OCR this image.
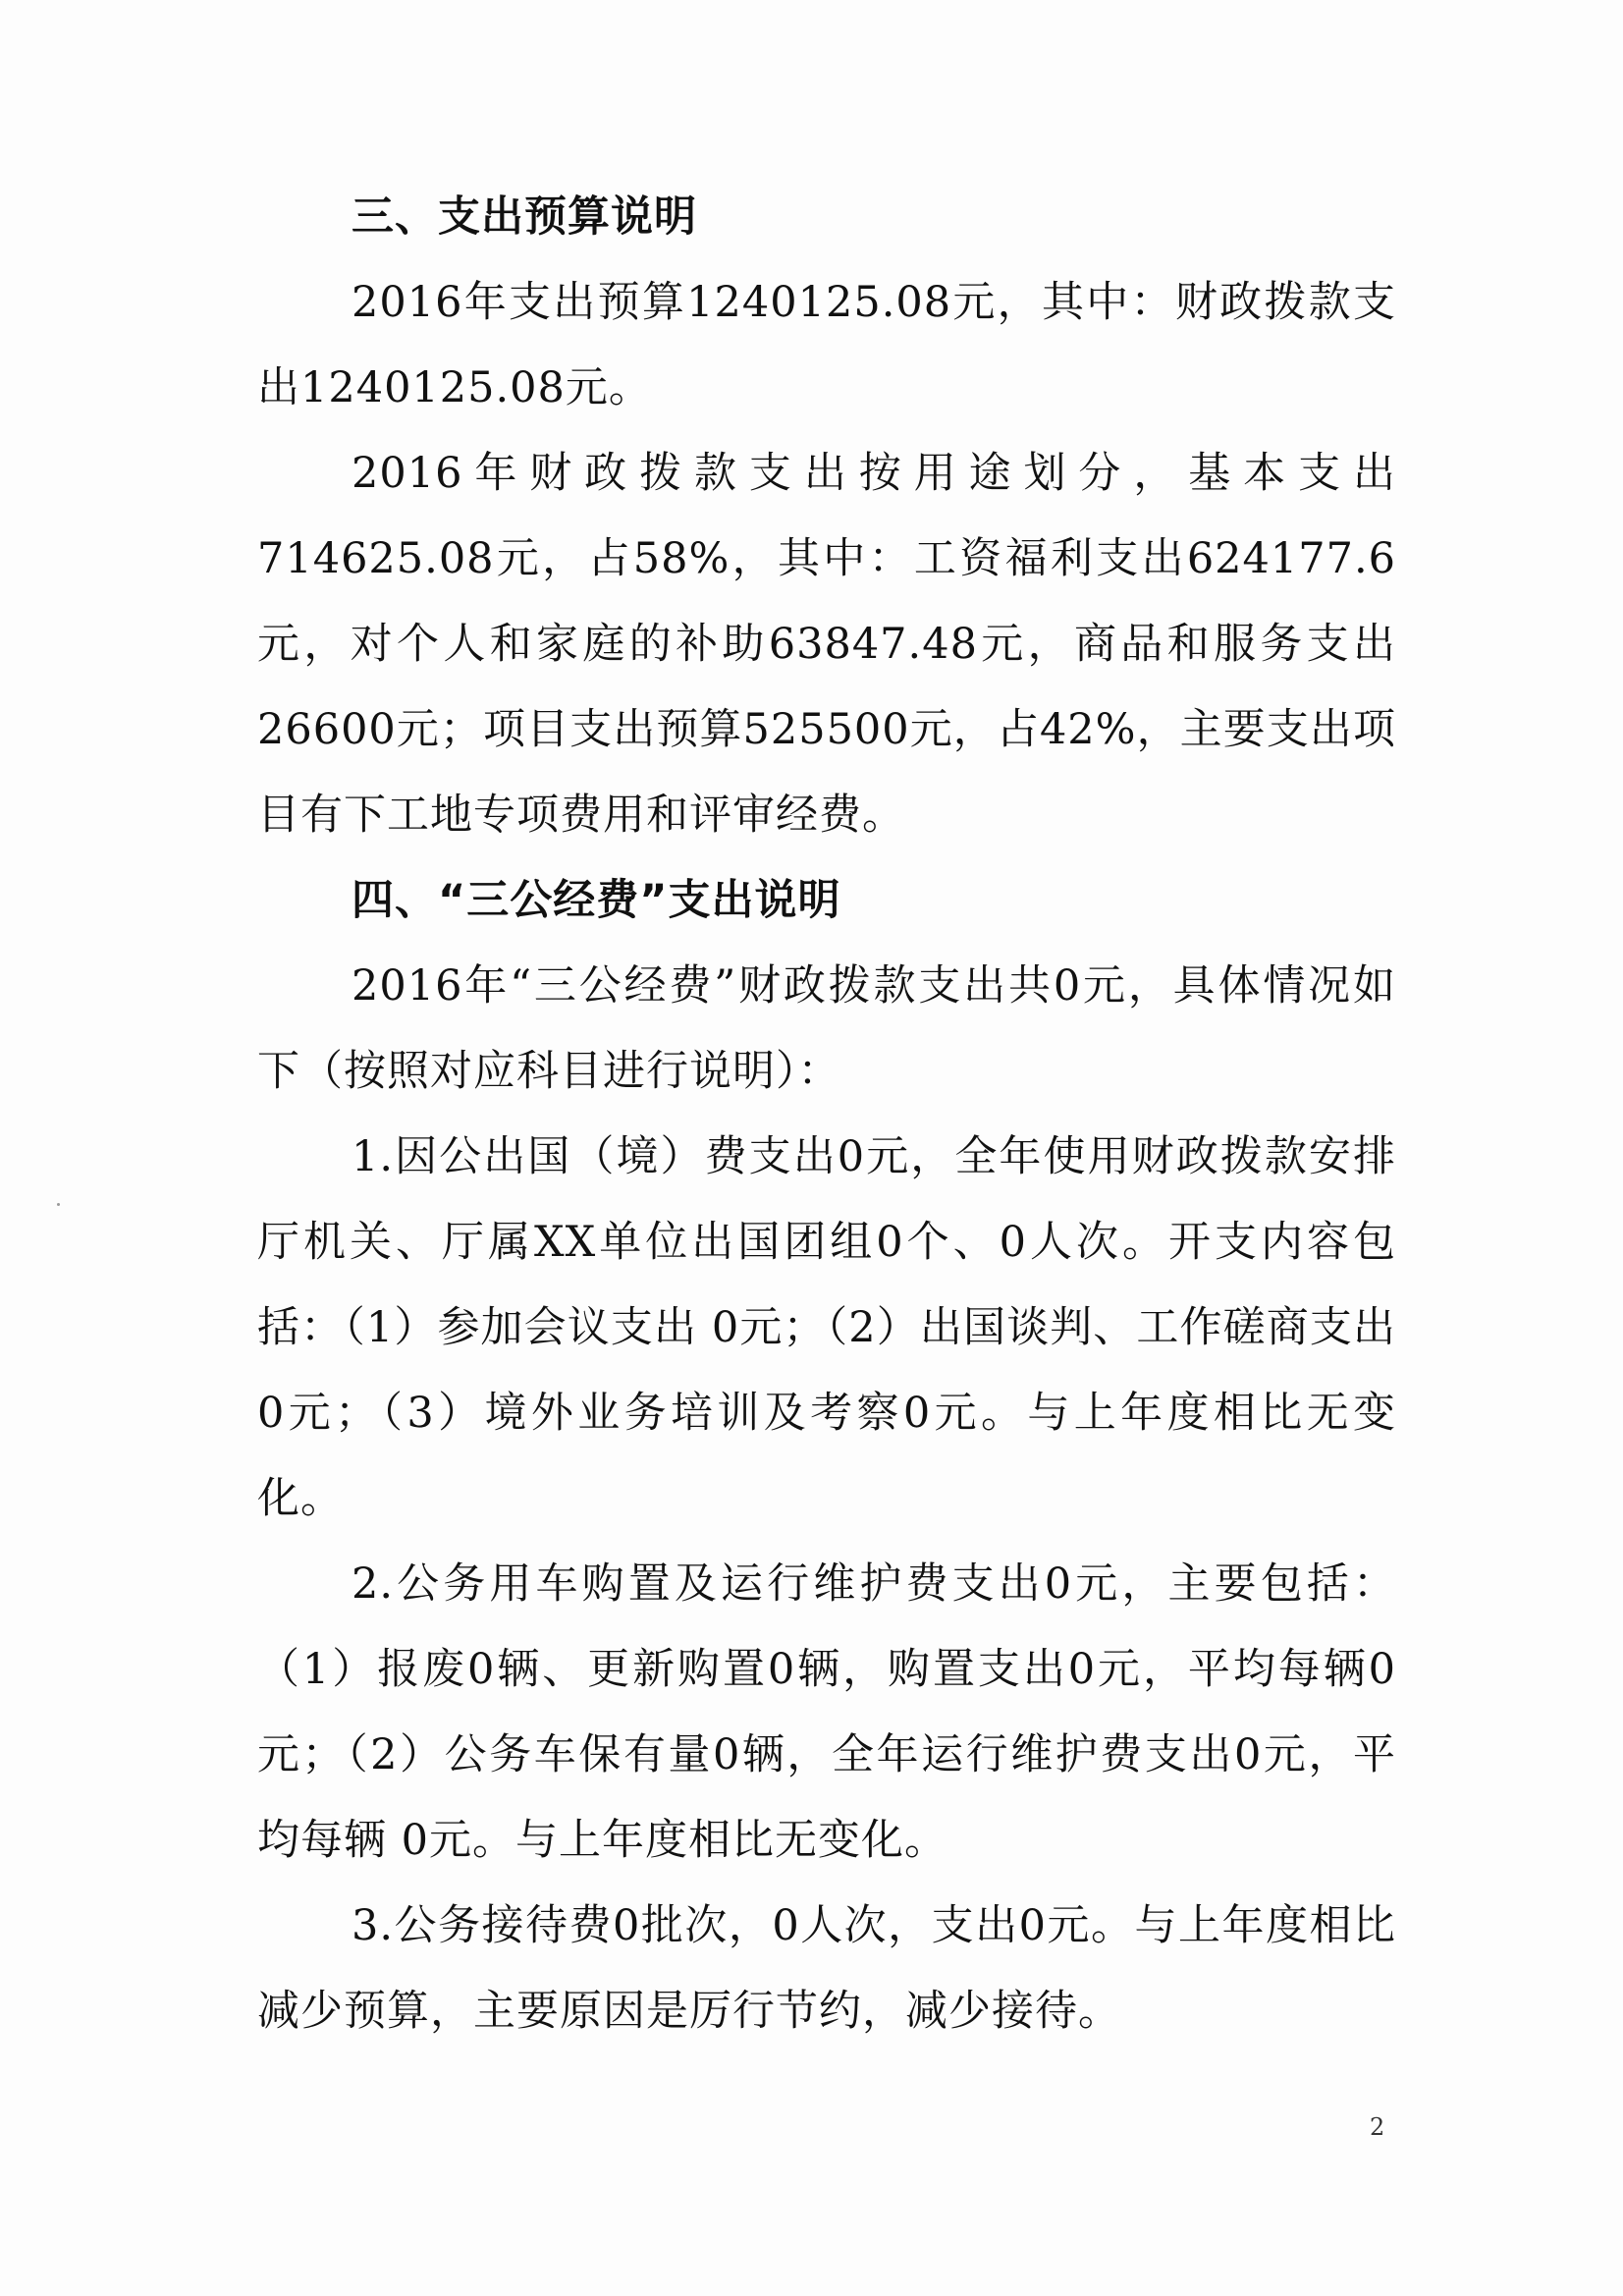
三、支出预算说明

2016年支出预算1240125.08元，其中：财政拨款支出1240125.08元。

2016年财政拨款支出按用途划分，基本支出714625.08元，占58%，其中：工资福利支出624177.6元，对个人和家庭的补助63847.48元，商品和服务支出26600元；项目支出预算525500元，占42%，主要支出项目有下工地专项费用和评审经费。

四、“三公经费”支出说明

2016年“三公经费”财政拨款支出共0元，具体情况如下（按照对应科目进行说明）：

1.因公出国（境）费支出0元，全年使用财政拨款安排厅机关、厅属XX单位出国团组0个、0人次。开支内容包括：（1）参加会议支出 0元；（2）出国谈判、工作磋商支出 0元；（3）境外业务培训及考察0元。与上年度相比无变化。

2.公务用车购置及运行维护费支出0元，主要包括：（1）报废0辆、更新购置0辆，购置支出0元，平均每辆0元；（2）公务车保有量0辆，全年运行维护费支出0元，平均每辆 0元。与上年度相比无变化。

3.公务接待费0批次，0人次，支出0元。与上年度相比减少预算，主要原因是厉行节约，减少接待。

2
